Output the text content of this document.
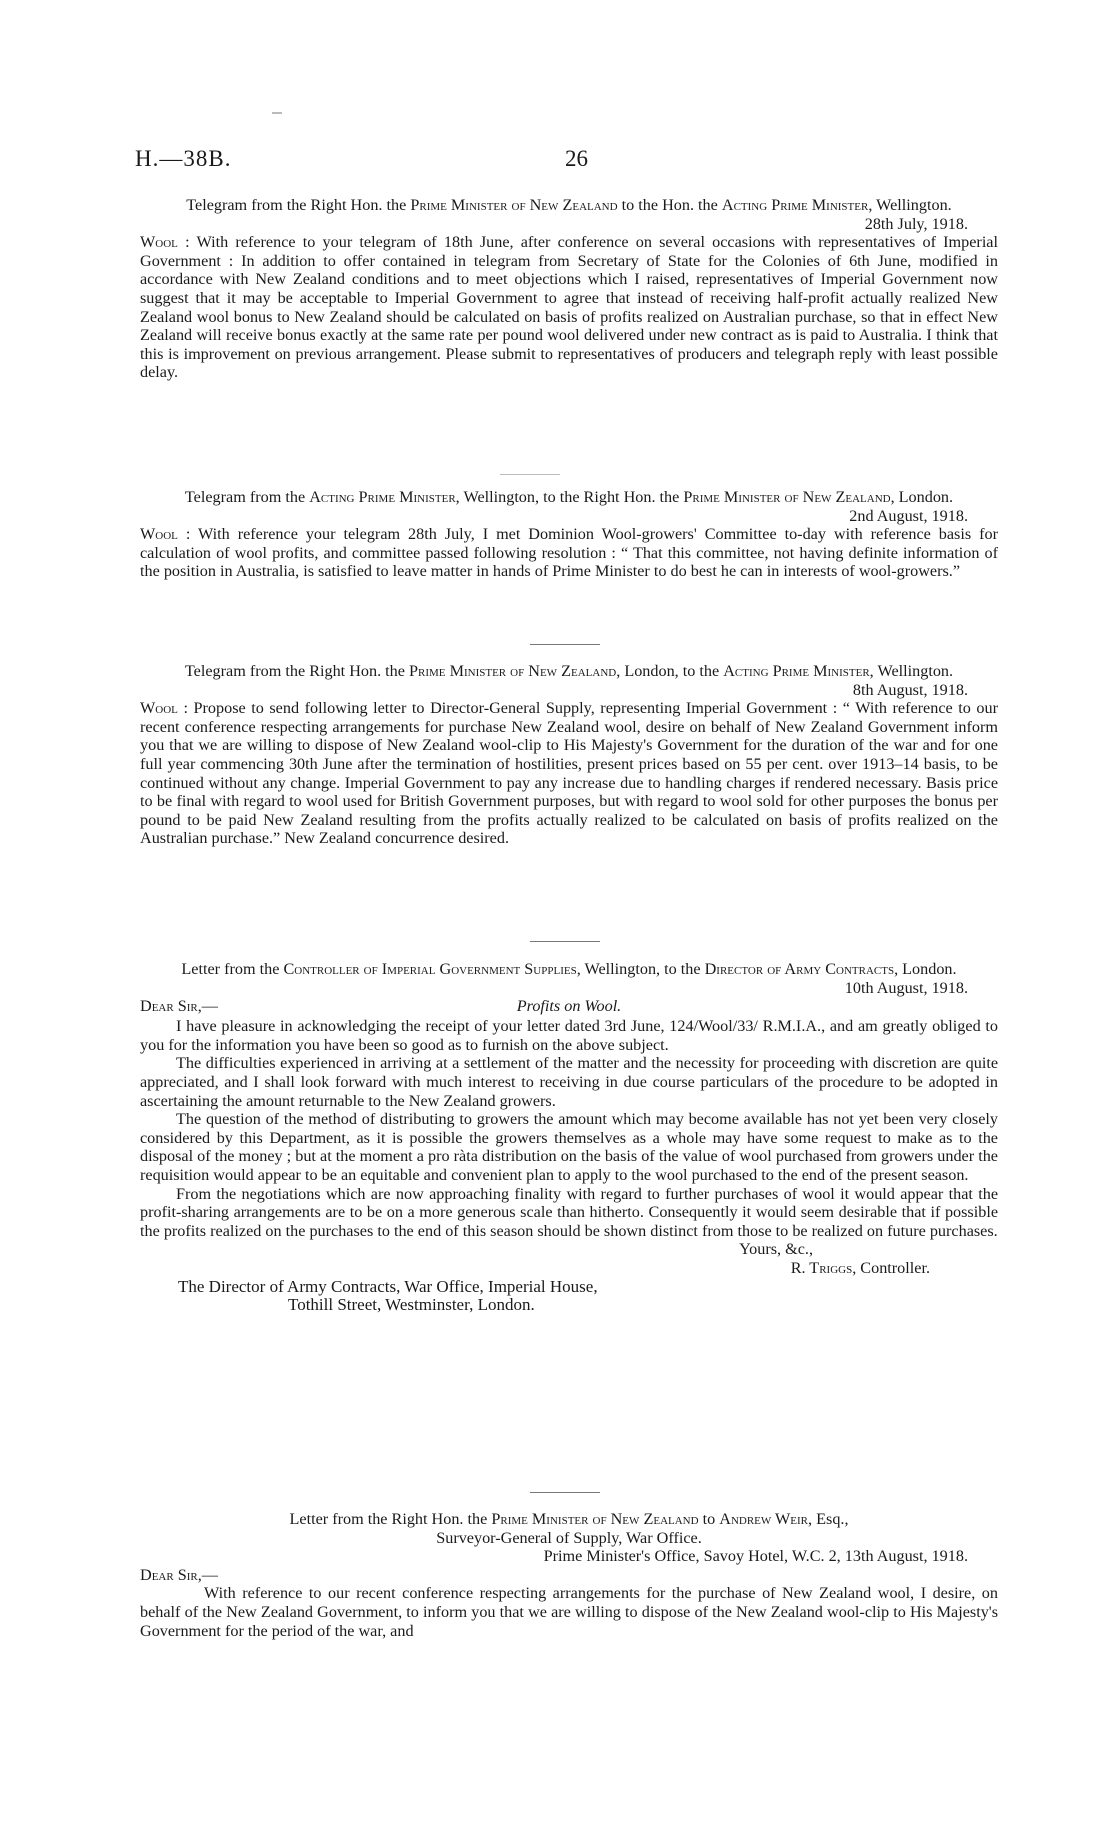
H.—38B.	26
Telegram from the Right Hon. the Prime Minister of New Zealand to the Hon. the Acting Prime Minister, Wellington.
28th July, 1918.
Wool : With reference to your telegram of 18th June, after conference on several occasions with representatives of Imperial Government : In addition to offer contained in telegram from Secretary of State for the Colonies of 6th June, modified in accordance with New Zealand conditions and to meet objections which I raised, representatives of Imperial Government now suggest that it may be acceptable to Imperial Government to agree that instead of receiving half-profit actually realized New Zealand wool bonus to New Zealand should be calculated on basis of profits realized on Australian purchase, so that in effect New Zealand will receive bonus exactly at the same rate per pound wool delivered under new contract as is paid to Australia. I think that this is improvement on previous arrangement. Please submit to representatives of producers and telegraph reply with least possible delay.
Telegram from the Acting Prime Minister, Wellington, to the Right Hon. the Prime Minister of New Zealand, London.
2nd August, 1918.
Wool : With reference your telegram 28th July, I met Dominion Wool-growers' Committee to-day with reference basis for calculation of wool profits, and committee passed following resolution : “ That this committee, not having definite information of the position in Australia, is satisfied to leave matter in hands of Prime Minister to do best he can in interests of wool-growers.”
Telegram from the Right Hon. the Prime Minister of New Zealand, London, to the Acting Prime Minister, Wellington.
8th August, 1918.
Wool : Propose to send following letter to Director-General Supply, representing Imperial Government : “ With reference to our recent conference respecting arrangements for purchase New Zealand wool, desire on behalf of New Zealand Government inform you that we are willing to dispose of New Zealand wool-clip to His Majesty's Government for the duration of the war and for one full year commencing 30th June after the termination of hostilities, present prices based on 55 per cent. over 1913–14 basis, to be continued without any change. Imperial Government to pay any increase due to handling charges if rendered necessary. Basis price to be final with regard to wool used for British Government purposes, but with regard to wool sold for other purposes the bonus per pound to be paid New Zealand resulting from the profits actually realized to be calculated on basis of profits realized on the Australian purchase.” New Zealand concurrence desired.
Letter from the Controller of Imperial Government Supplies, Wellington, to the Director of Army Contracts, London.
10th August, 1918.
Dear Sir,—	Profits on Wool.
I have pleasure in acknowledging the receipt of your letter dated 3rd June, 124/Wool/33/ R.M.I.A., and am greatly obliged to you for the information you have been so good as to furnish on the above subject.
The difficulties experienced in arriving at a settlement of the matter and the necessity for proceeding with discretion are quite appreciated, and I shall look forward with much interest to receiving in due course particulars of the procedure to be adopted in ascertaining the amount returnable to the New Zealand growers.
The question of the method of distributing to growers the amount which may become available has not yet been very closely considered by this Department, as it is possible the growers themselves as a whole may have some request to make as to the disposal of the money ; but at the moment a pro ràta distribution on the basis of the value of wool purchased from growers under the requisition would appear to be an equitable and convenient plan to apply to the wool purchased to the end of the present season.
From the negotiations which are now approaching finality with regard to further purchases of wool it would appear that the profit-sharing arrangements are to be on a more generous scale than hitherto. Consequently it would seem desirable that if possible the profits realized on the purchases to the end of this season should be shown distinct from those to be realized on future purchases.
Yours, &c.,
R. Triggs, Controller.
The Director of Army Contracts, War Office, Imperial House,
Tothill Street, Westminster, London.
Letter from the Right Hon. the Prime Minister of New Zealand to Andrew Weir, Esq.,
Surveyor-General of Supply, War Office.
Prime Minister's Office, Savoy Hotel, W.C. 2, 13th August, 1918.
Dear Sir,—
With reference to our recent conference respecting arrangements for the purchase of New Zealand wool, I desire, on behalf of the New Zealand Government, to inform you that we are willing to dispose of the New Zealand wool-clip to His Majesty's Government for the period of the war, and
